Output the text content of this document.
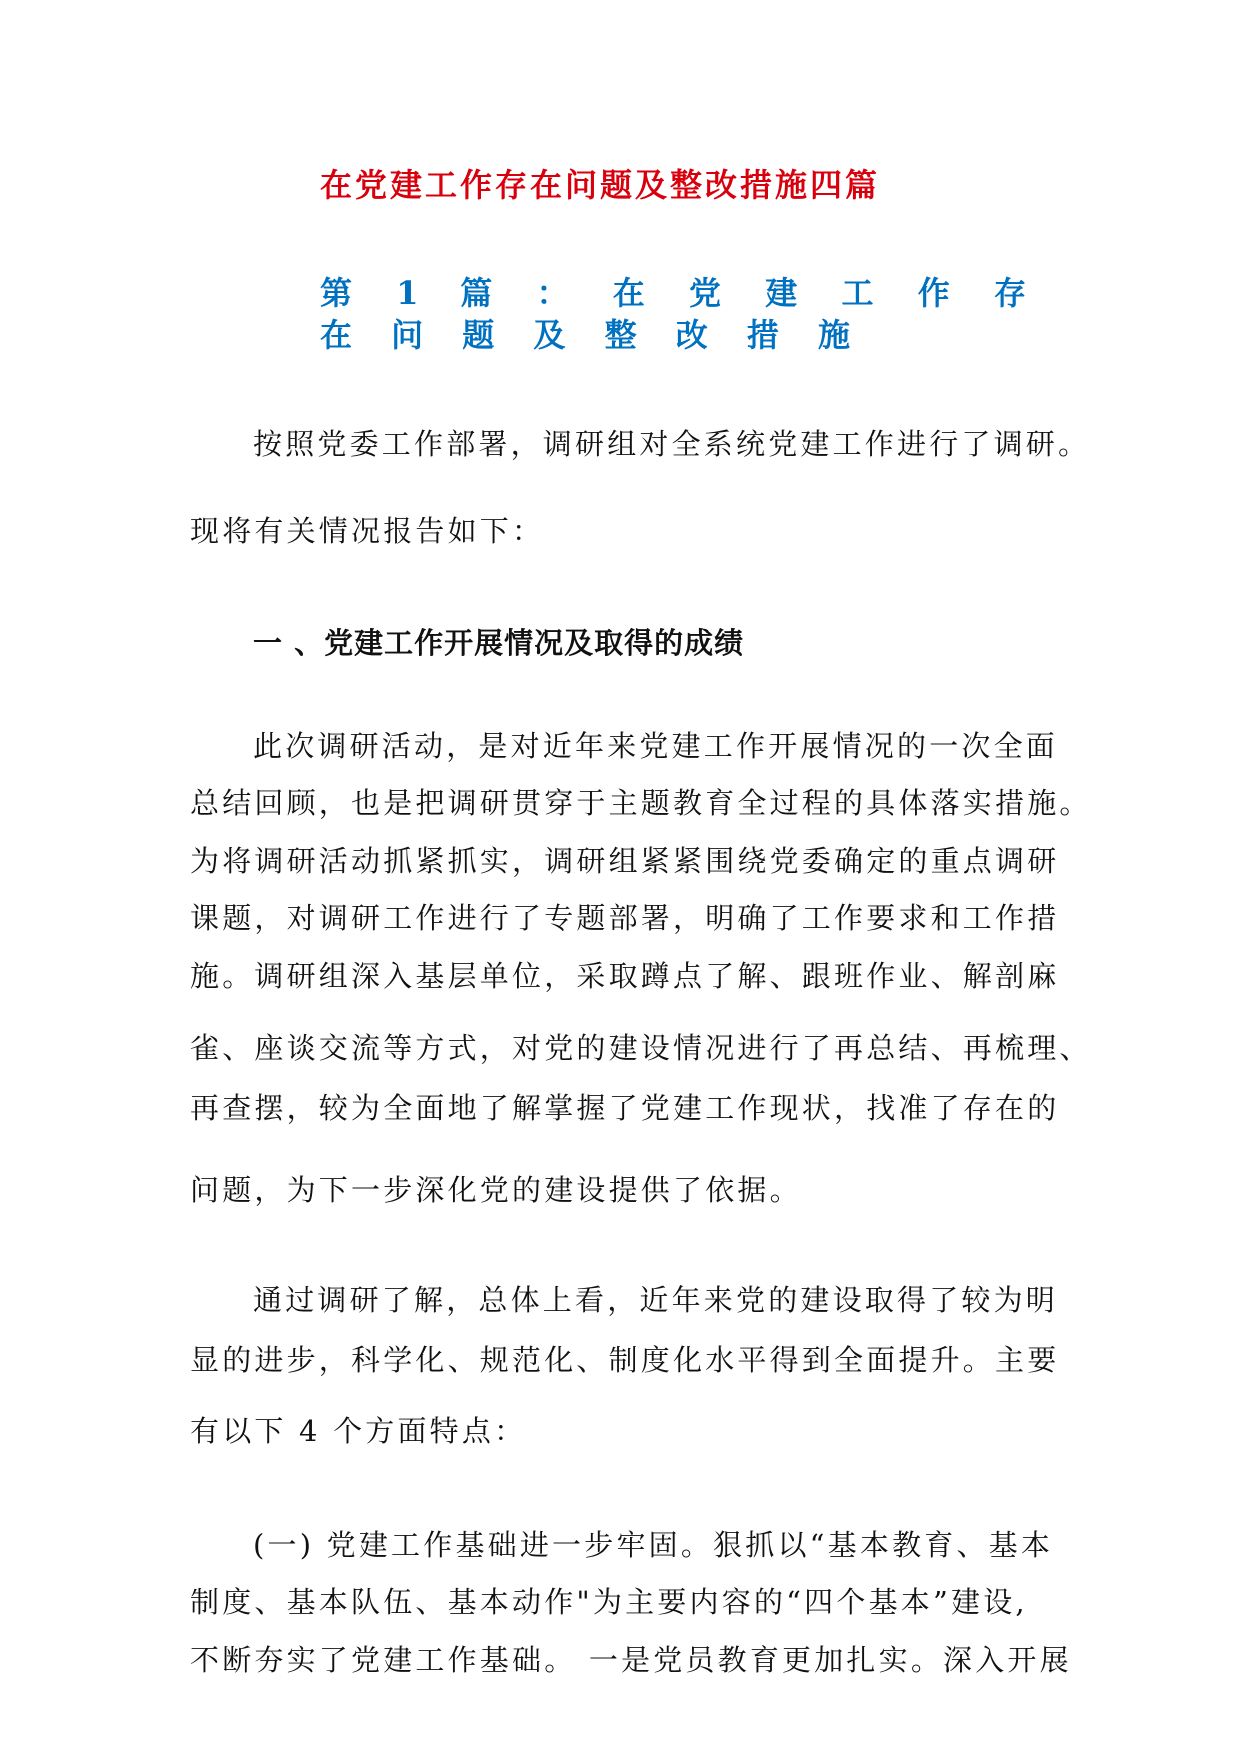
在党建工作存在问题及整改措施四篇
第 1 篇 ： 在 党 建 工 作 存 在 问 题 及 整 改 措 施
按照党委工作部署，调研组对全系统党建工作进行了调研。
现将有关情况报告如下：
一 、党建工作开展情况及取得的成绩
此次调研活动，是对近年来党建工作开展情况的一次全面
总结回顾，也是把调研贯穿于主题教育全过程的具体落实措施。
为将调研活动抓紧抓实，调研组紧紧围绕党委确定的重点调研
课题，对调研工作进行了专题部署，明确了工作要求和工作措
施。调研组深入基层单位，采取蹲点了解、跟班作业、解剖麻
雀、座谈交流等方式，对党的建设情况进行了再总结、再梳理、
再查摆，较为全面地了解掌握了党建工作现状，找准了存在的
问题，为下一步深化党的建设提供了依据。
通过调研了解，总体上看，近年来党的建设取得了较为明
显的进步，科学化、规范化、制度化水平得到全面提升。主要
有以下 4 个方面特点：
(一) 党建工作基础进一步牢固。狠抓以“基本教育、基本
制度、基本队伍、基本动作"为主要内容的“四个基本”建设,
不断夯实了党建工作基础。 一是党员教育更加扎实。深入开展
